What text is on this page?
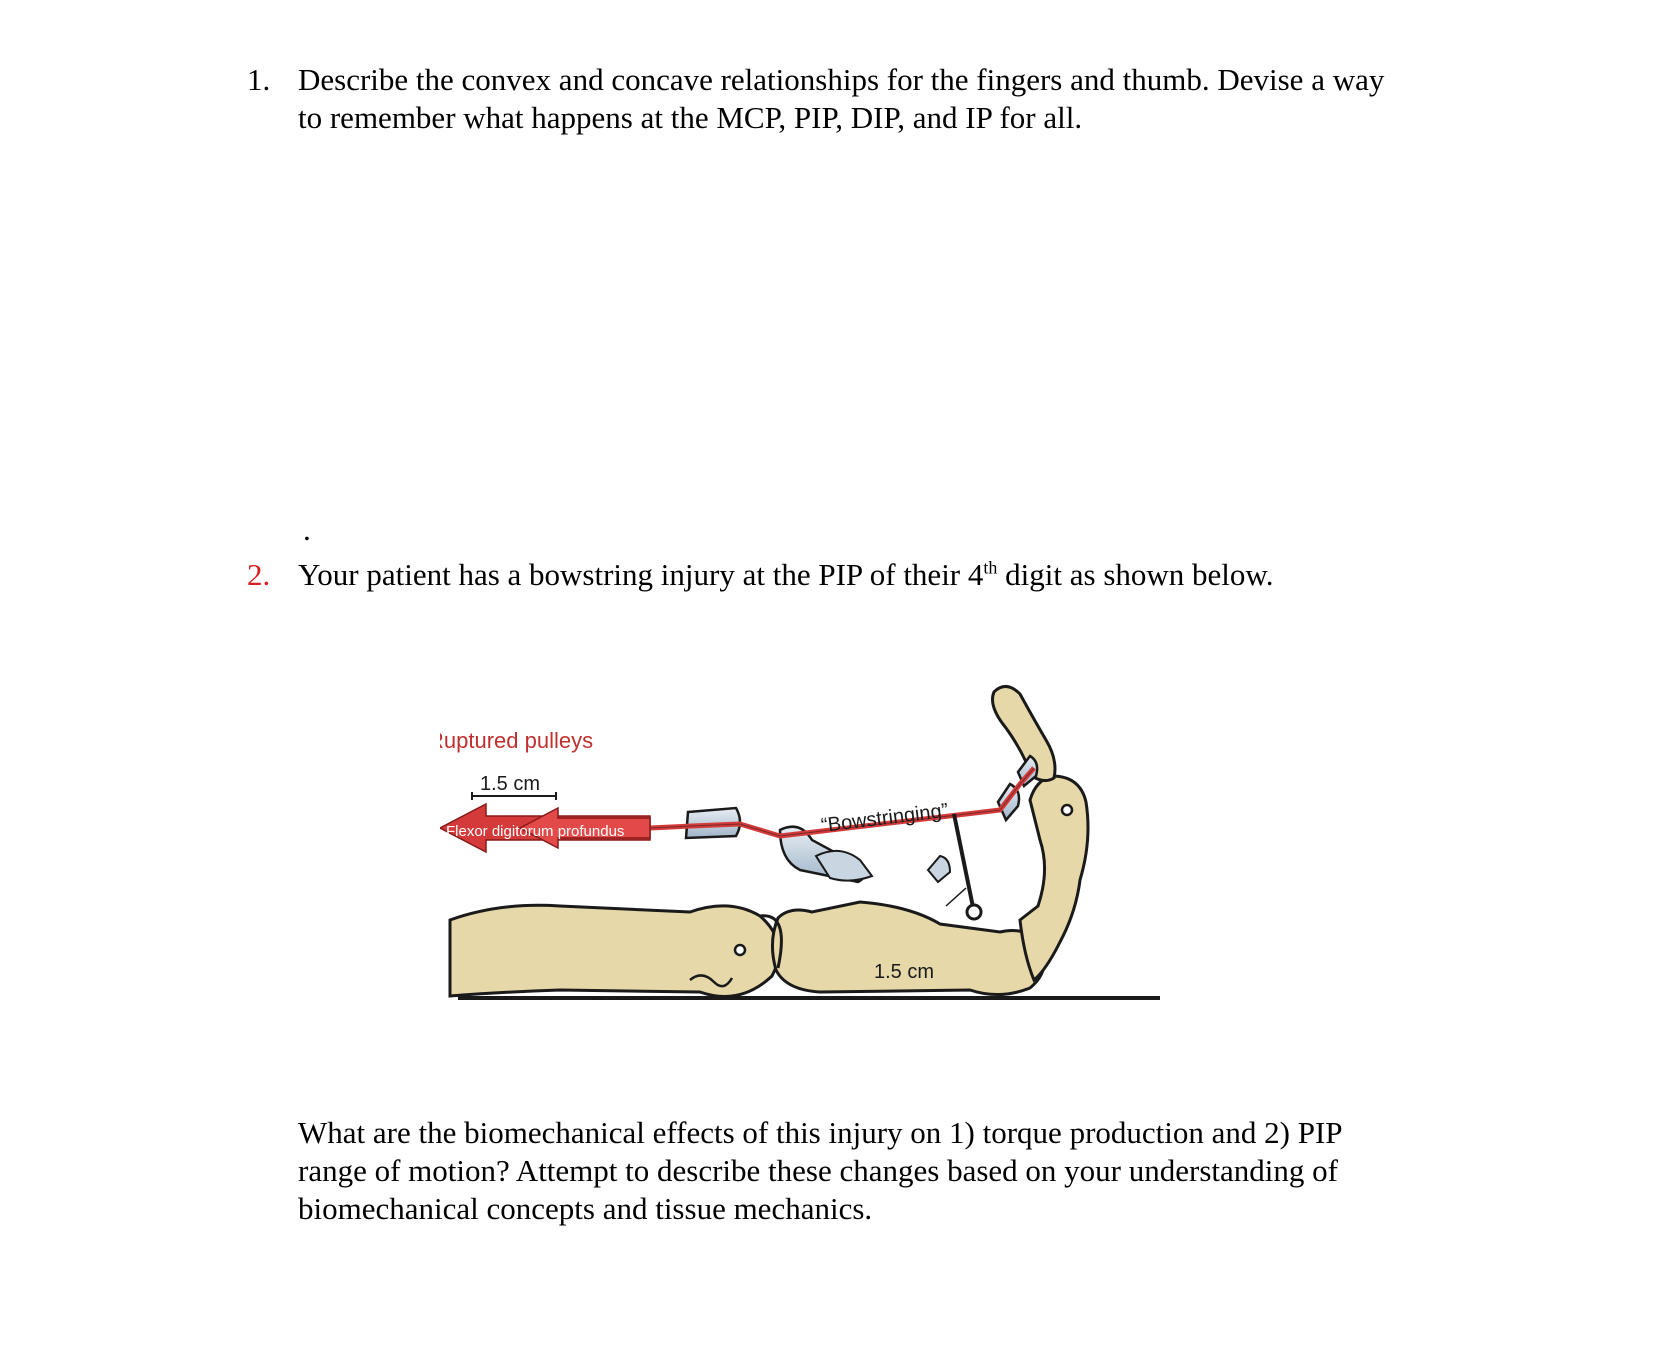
1. Describe the convex and concave relationships for the fingers and thumb. Devise a way
to remember what happens at the MCP, PIP, DIP, and IP for all.
.
2. Your patient has a bowstring injury at the PIP of their 4th digit as shown below.
Ruptured pulleys
1.5 cm
Flexor digitorum profundus	“Bowstringing”
1.5 cm
What are the biomechanical effects of this injury on 1) torque production and 2) PIP
range of motion? Attempt to describe these changes based on your understanding of
biomechanical concepts and tissue mechanics.
